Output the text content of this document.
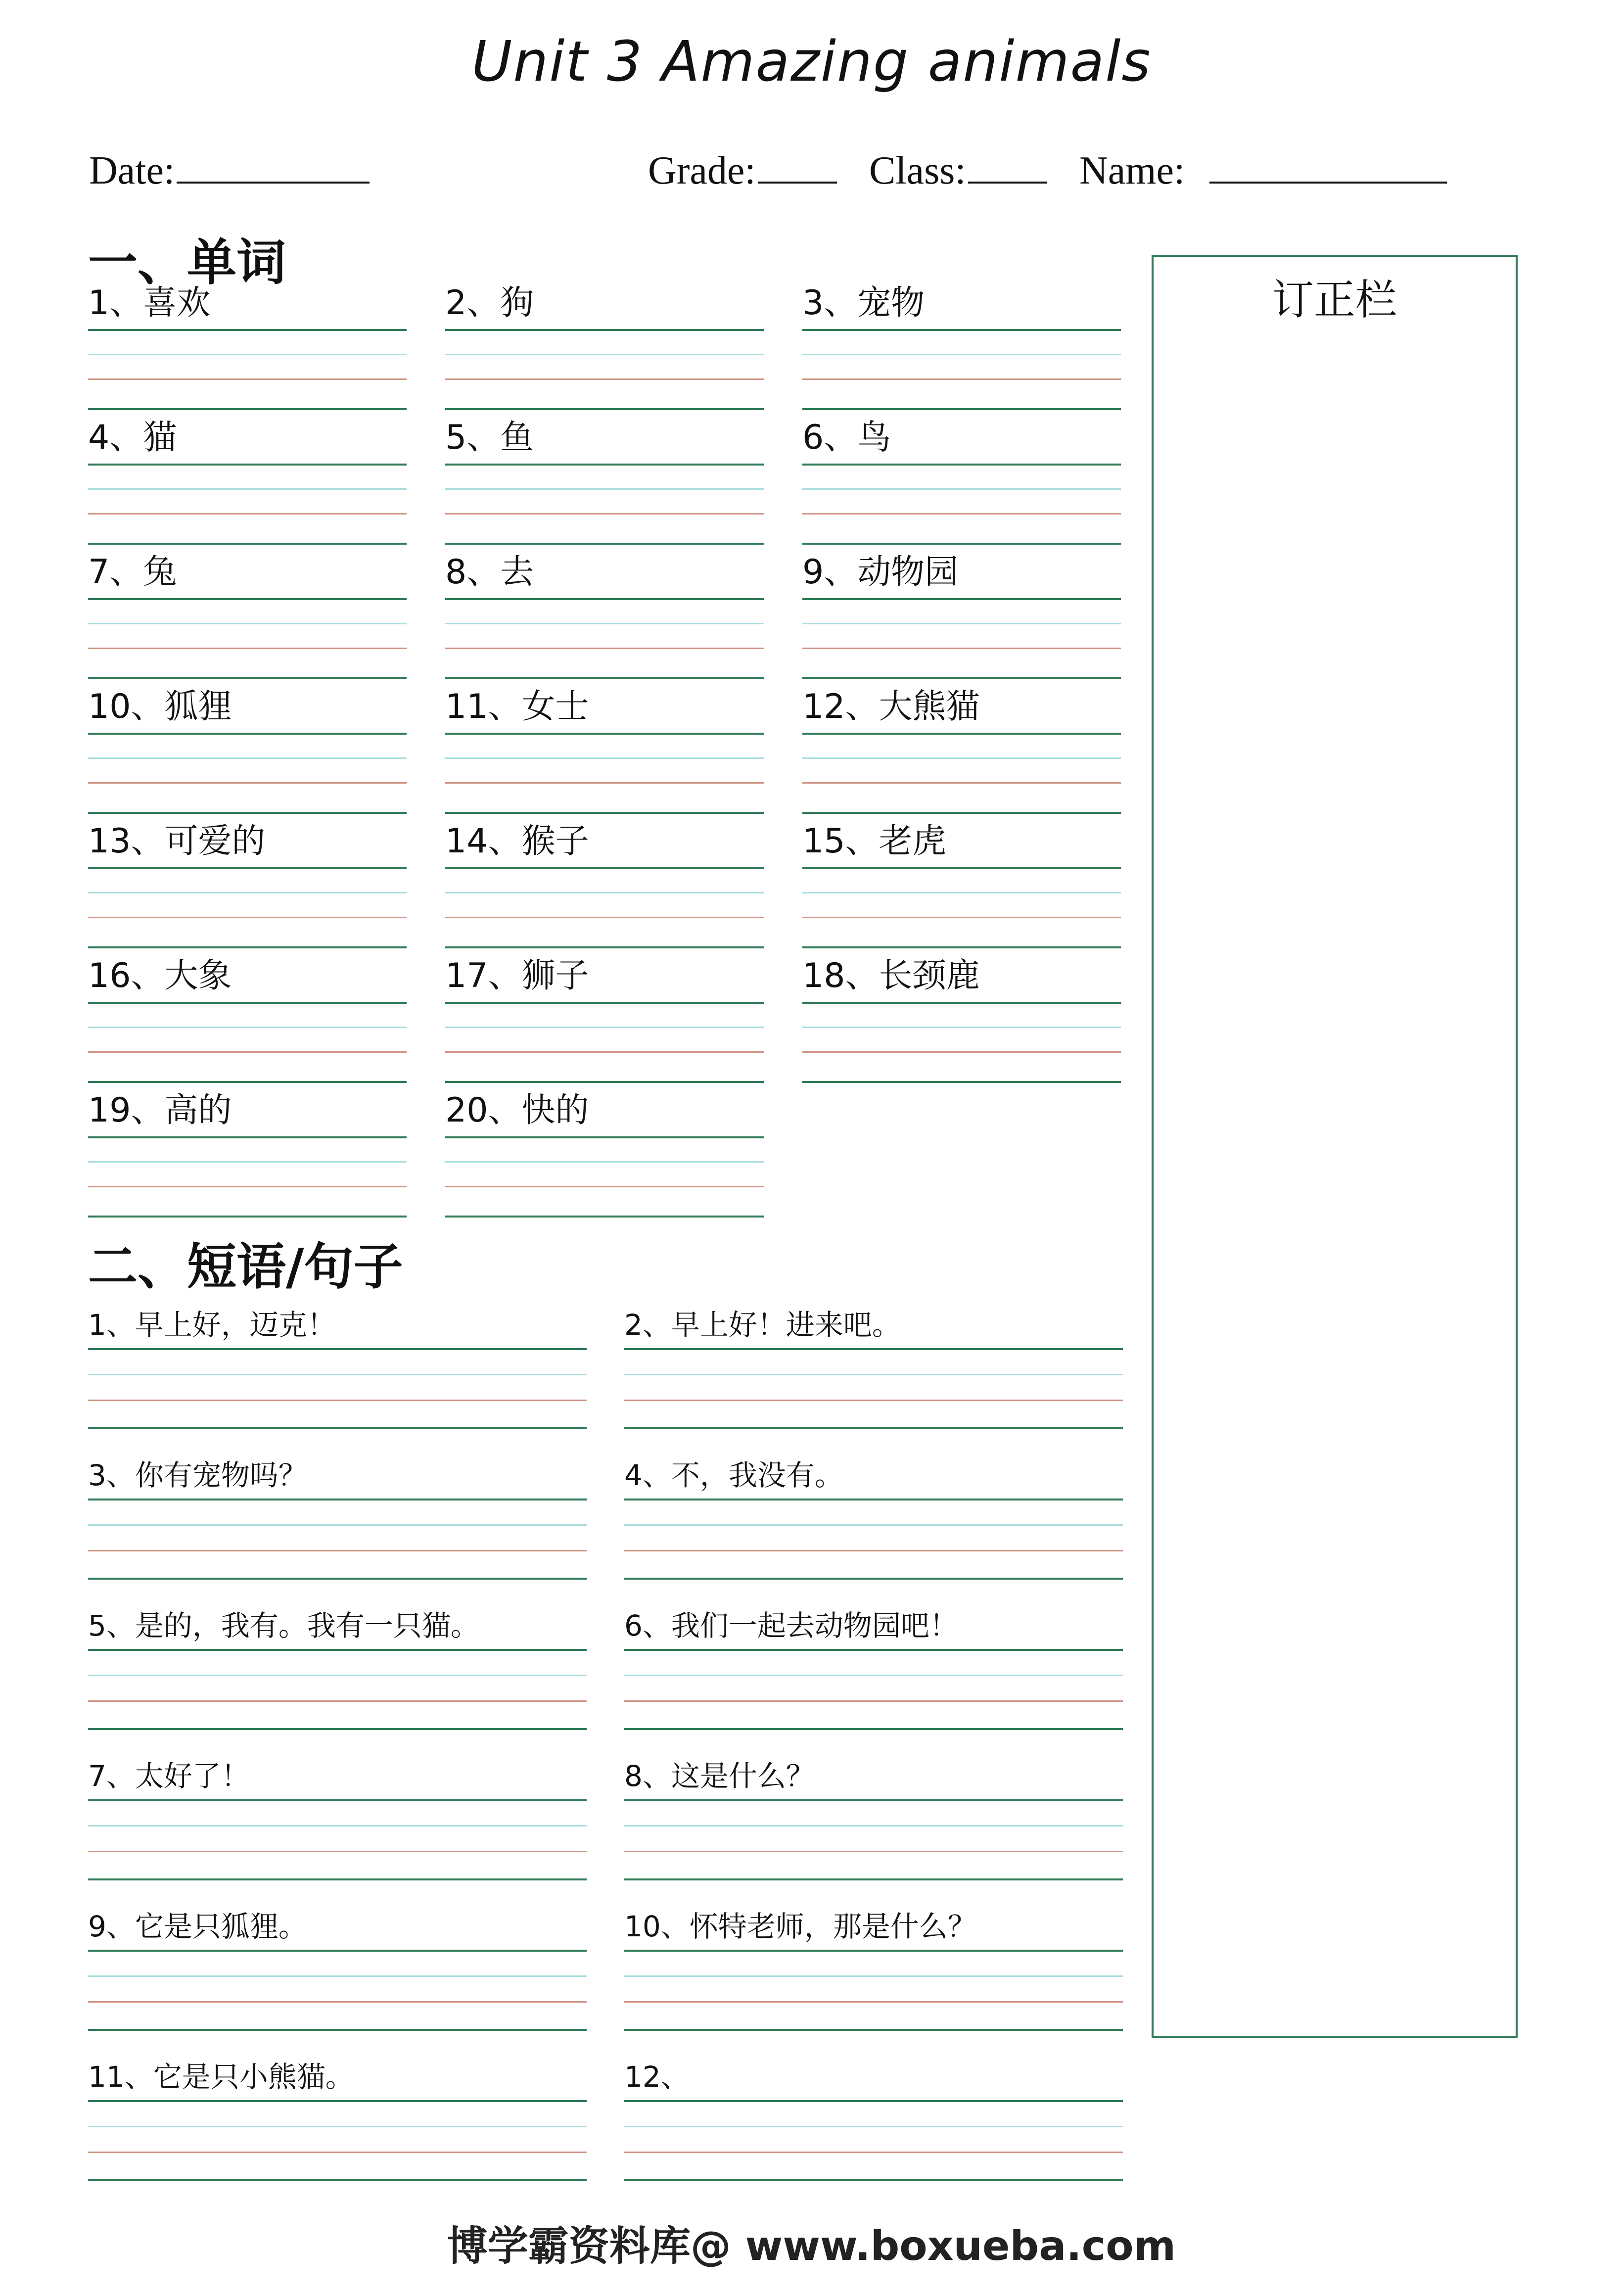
Unit 3 Amazing animals
Date:	Grade:	Class:	Name:
一、单词
1、喜欢	2、狗	3、宠物
4、猫	5、鱼	6、鸟
7、兔	8、去	9、动物园
10、狐狸	11、女士	12、大熊猫
13、可爱的	14、猴子	15、老虎
16、大象	17、狮子	18、长颈鹿
19、高的	20、快的
订正栏
二、短语/句子
1、早上好，迈克！	2、早上好！进来吧。
3、你有宠物吗？	4、不，我没有。
5、是的，我有。我有一只猫。	6、我们一起去动物园吧！
7、太好了！	8、这是什么？
9、它是只狐狸。	10、怀特老师，那是什么？
11、它是只小熊猫。	12、
博学霸资料库@ www.boxueba.com
